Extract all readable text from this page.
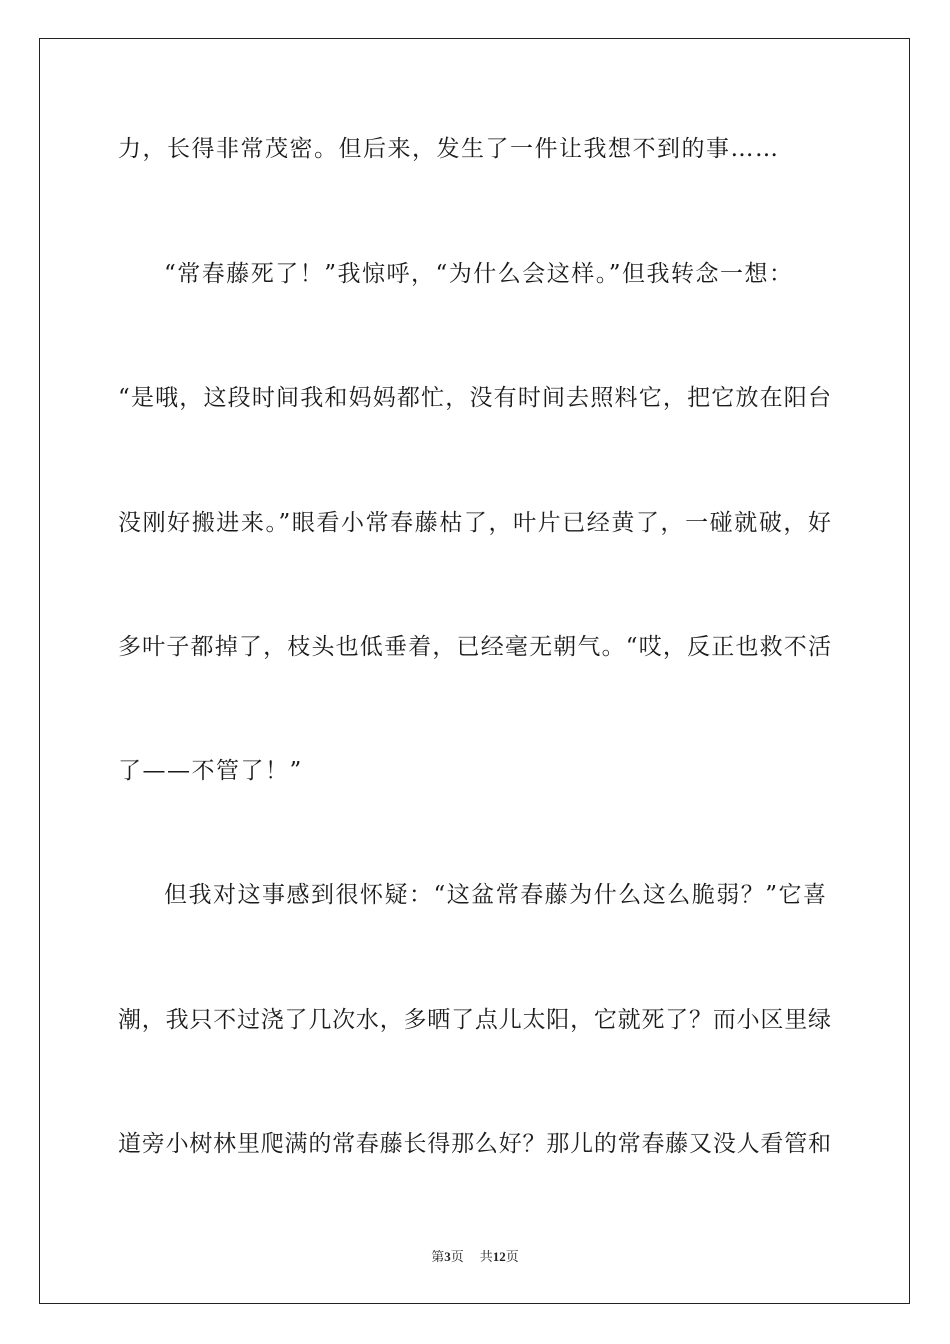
力，长得非常茂密。但后来，发生了一件让我想不到的事……
“常春藤死了！”我惊呼，“为什么会这样。”但我转念一想：
“是哦，这段时间我和妈妈都忙，没有时间去照料它，把它放在阳台
没刚好搬进来。”眼看小常春藤枯了，叶片已经黄了，一碰就破，好
多叶子都掉了，枝头也低垂着，已经毫无朝气。“哎，反正也救不活
了——不管了！”
但我对这事感到很怀疑：“这盆常春藤为什么这么脆弱？”它喜
潮，我只不过浇了几次水，多晒了点儿太阳，它就死了？而小区里绿
道旁小树林里爬满的常春藤长得那么好？那儿的常春藤又没人看管和
第3页 共12页
